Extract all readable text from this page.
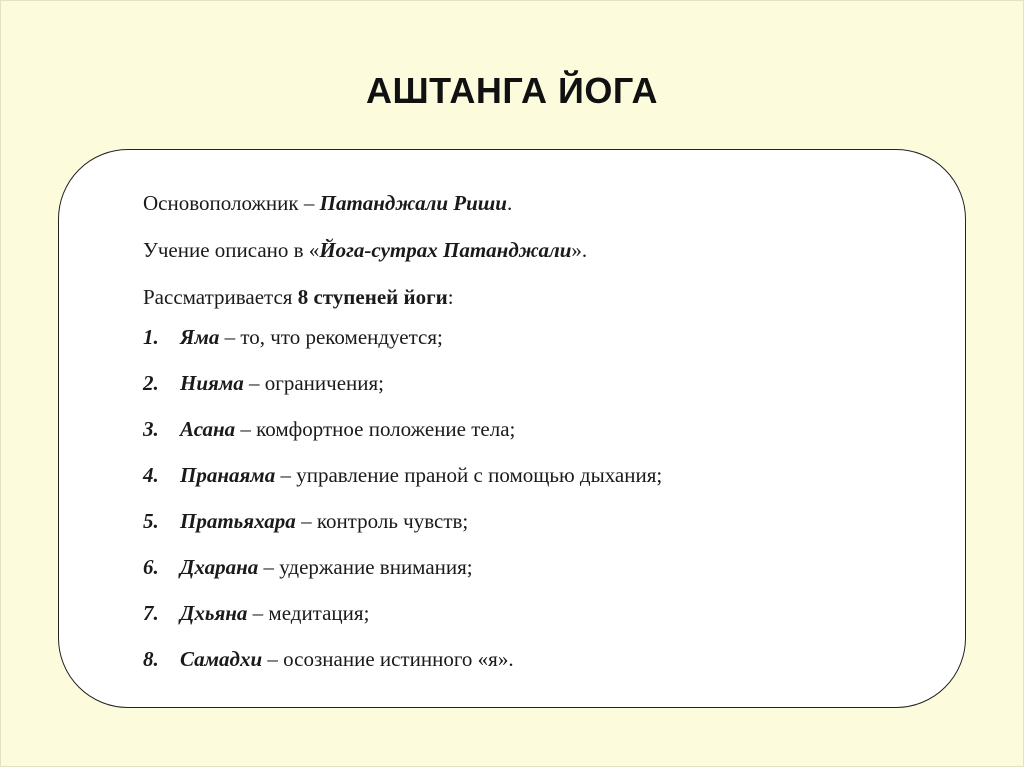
АШТАНГА ЙОГА

Основоположник – Патанджали Риши.

Учение описано в «Йога-сутрах Патанджали».

Рассматривается 8 ступеней йоги:

1. Яма – то, что рекомендуется;
2. Нияма – ограничения;
3. Асана – комфортное положение тела;
4. Пранаяма – управление праной с помощью дыхания;
5. Пратьяхара – контроль чувств;
6. Дхарана – удержание внимания;
7. Дхьяна – медитация;
8. Самадхи – осознание истинного «я».
